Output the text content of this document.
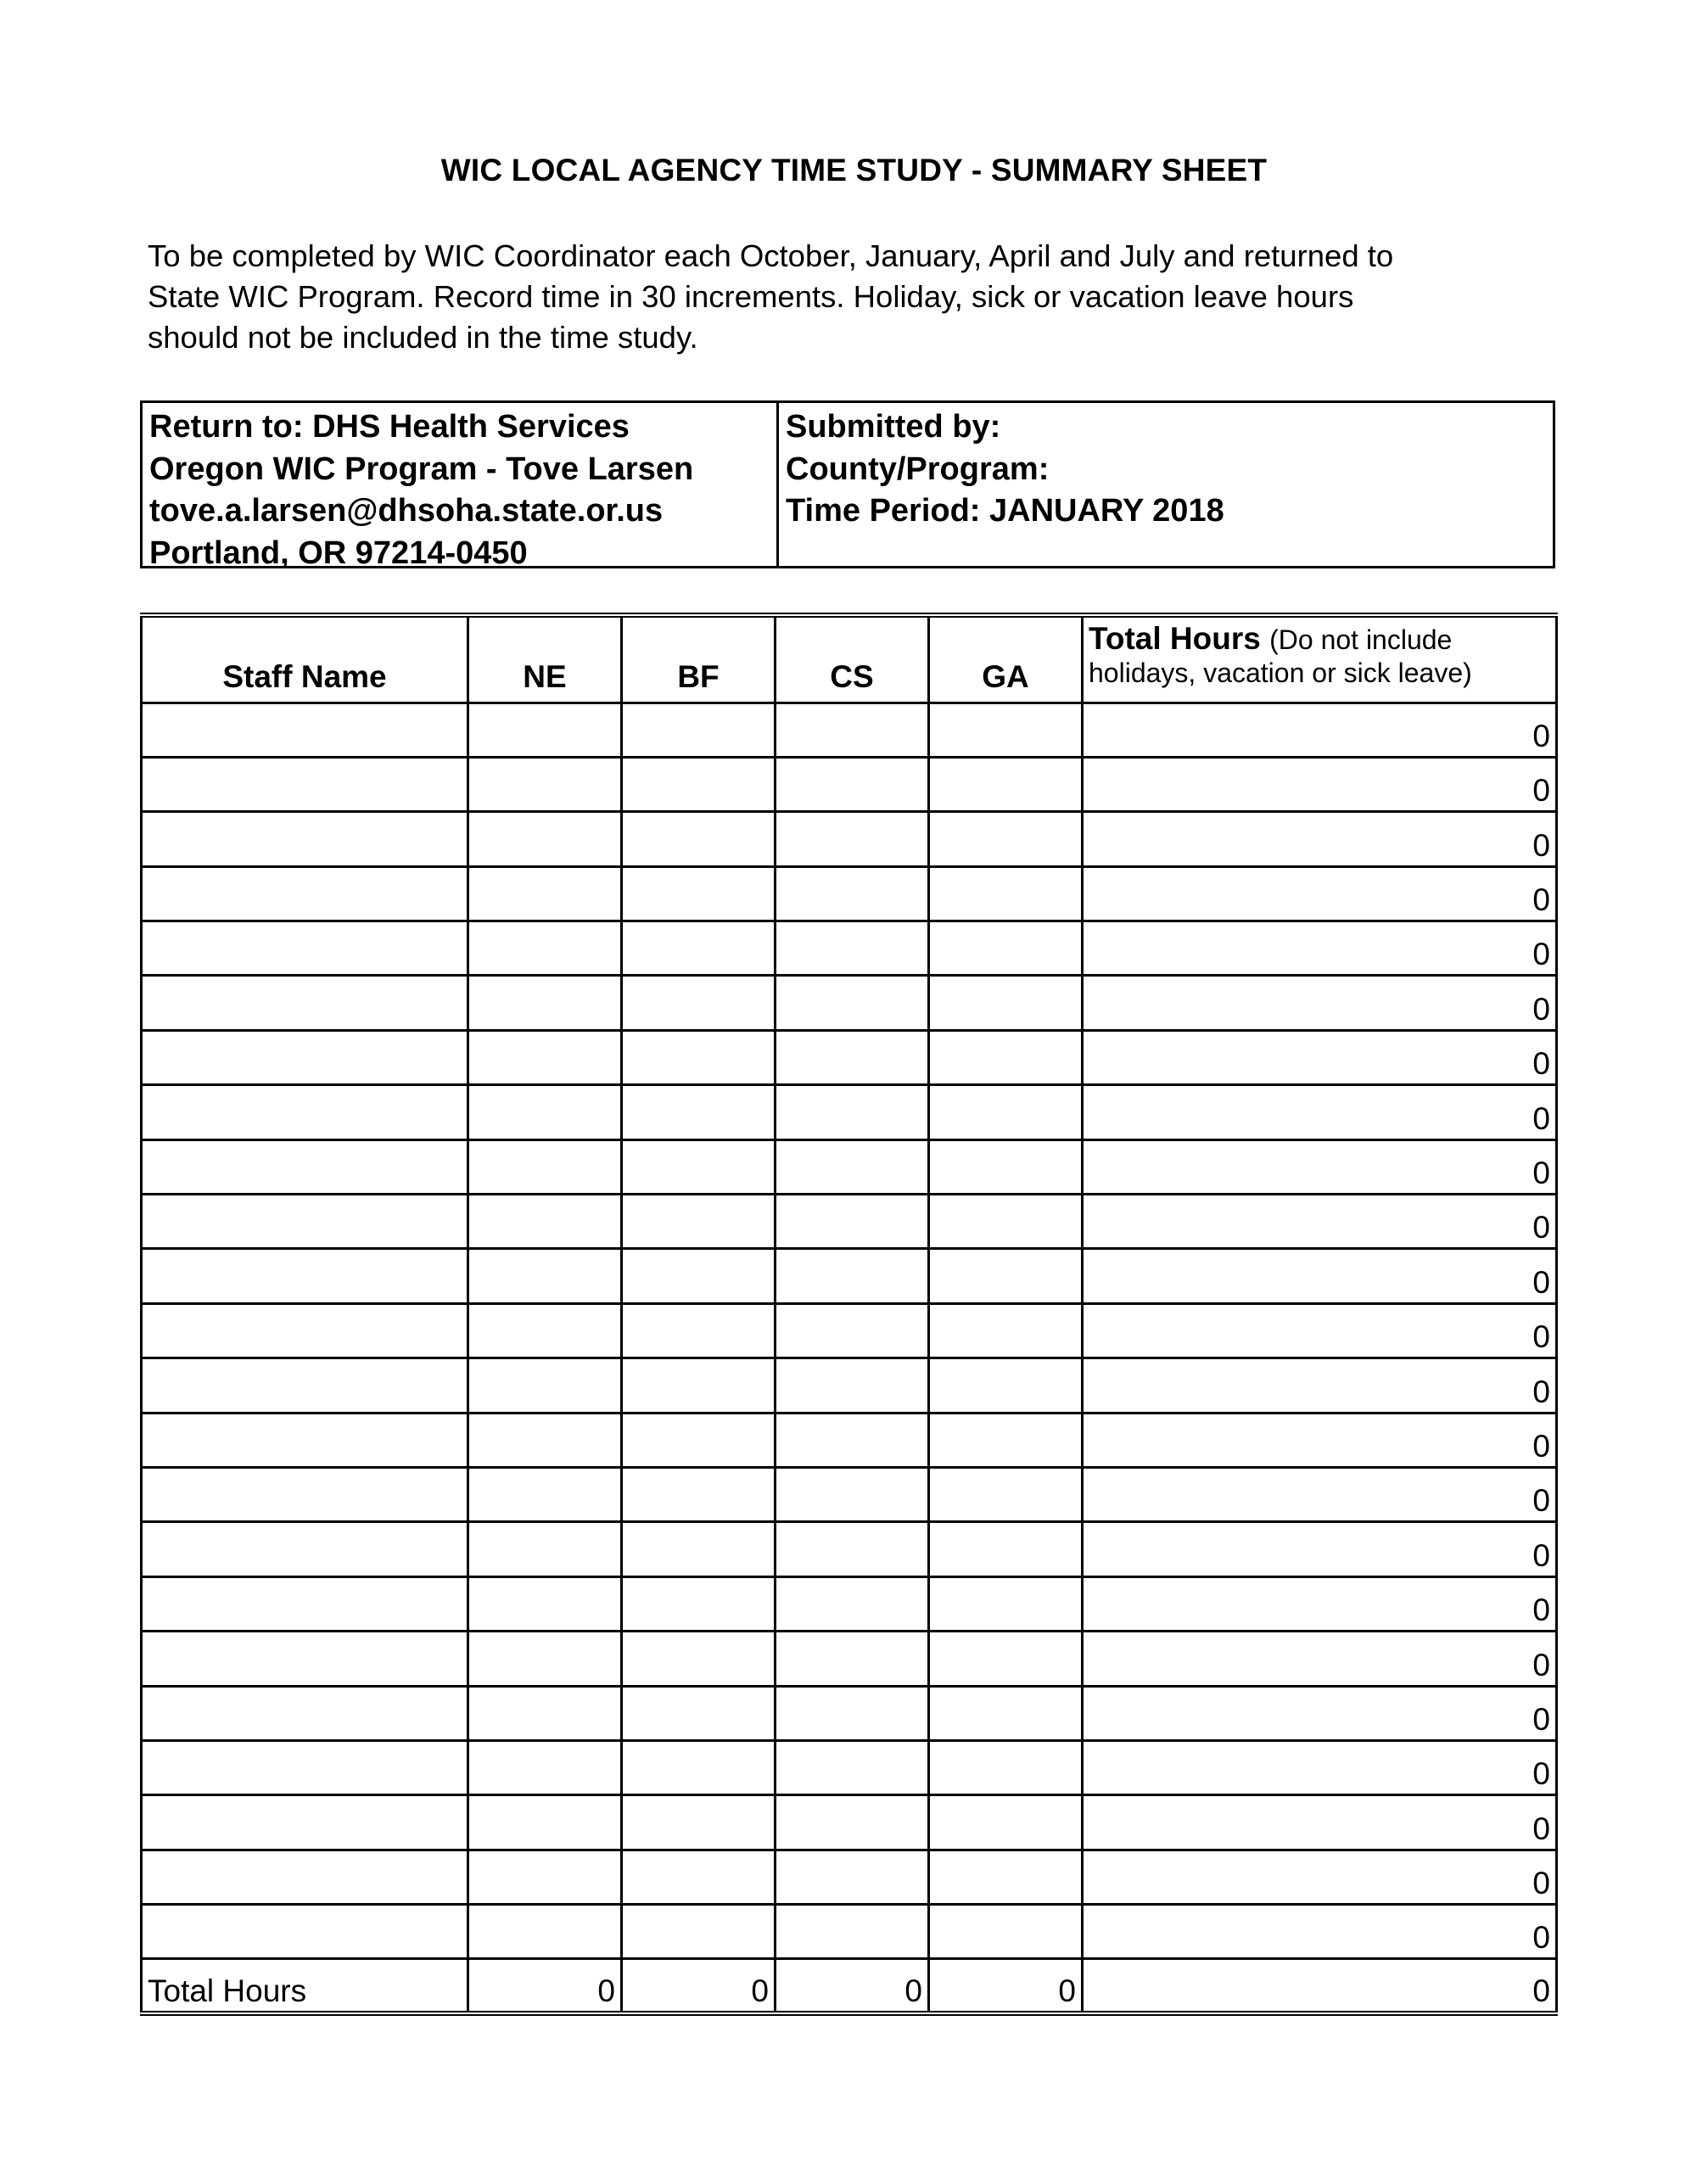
WIC LOCAL AGENCY TIME STUDY - SUMMARY SHEET
To be completed by WIC Coordinator each October, January, April and July and returned to
State WIC Program. Record time in 30 increments. Holiday, sick or vacation leave hours
should not be included in the time study.
Return to: DHS Health Services
Oregon WIC Program - Tove Larsen
tove.a.larsen@dhsoha.state.or.us
Portland, OR 97214-0450
Submitted by:
County/Program:
Time Period: JANUARY 2018
Staff Name	NE	BF	CS	GA	Total Hours (Do not include
holidays, vacation or sick leave)
					0
					0
					0
					0
					0
					0
					0
					0
					0
					0
					0
					0
					0
					0
					0
					0
					0
					0
					0
					0
					0
					0
					0
Total Hours	0	0	0	0	0
